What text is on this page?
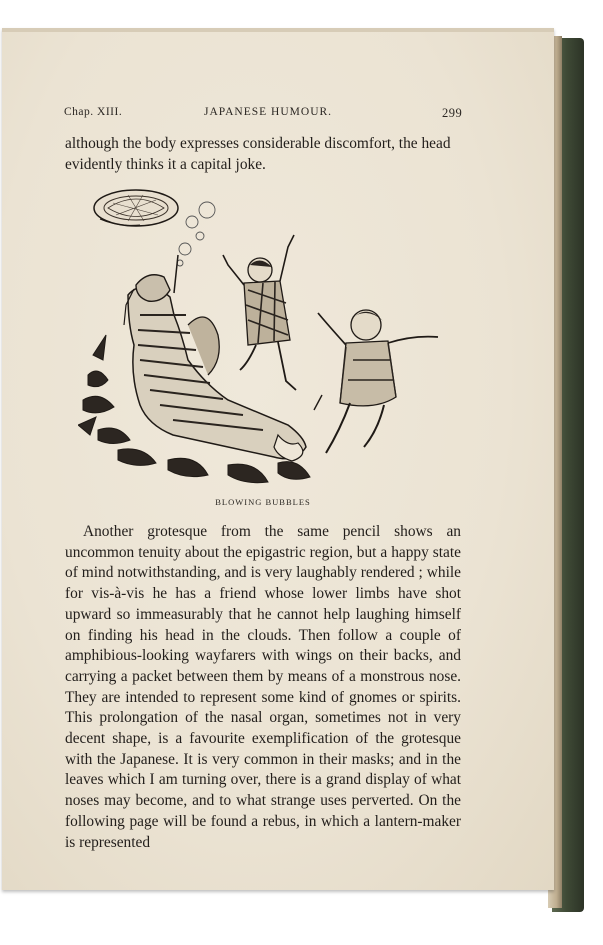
Chap. XIII.	JAPANESE HUMOUR.	299
although the body expresses considerable discomfort, the head evidently thinks it a capital joke.
BLOWING BUBBLES
Another grotesque from the same pencil shows an uncommon tenuity about the epigastric region, but a happy state of mind notwithstanding, and is very laughably rendered ; while for vis-à-vis he has a friend whose lower limbs have shot upward so immeasurably that he cannot help laughing himself on finding his head in the clouds. Then follow a couple of amphibious-looking wayfarers with wings on their backs, and carrying a packet between them by means of a monstrous nose. They are intended to represent some kind of gnomes or spirits. This prolongation of the nasal organ, sometimes not in very decent shape, is a favourite exemplification of the grotesque with the Japanese. It is very common in their masks; and in the leaves which I am turning over, there is a grand display of what noses may become, and to what strange uses perverted. On the following page will be found a rebus, in which a lantern-maker is represented
